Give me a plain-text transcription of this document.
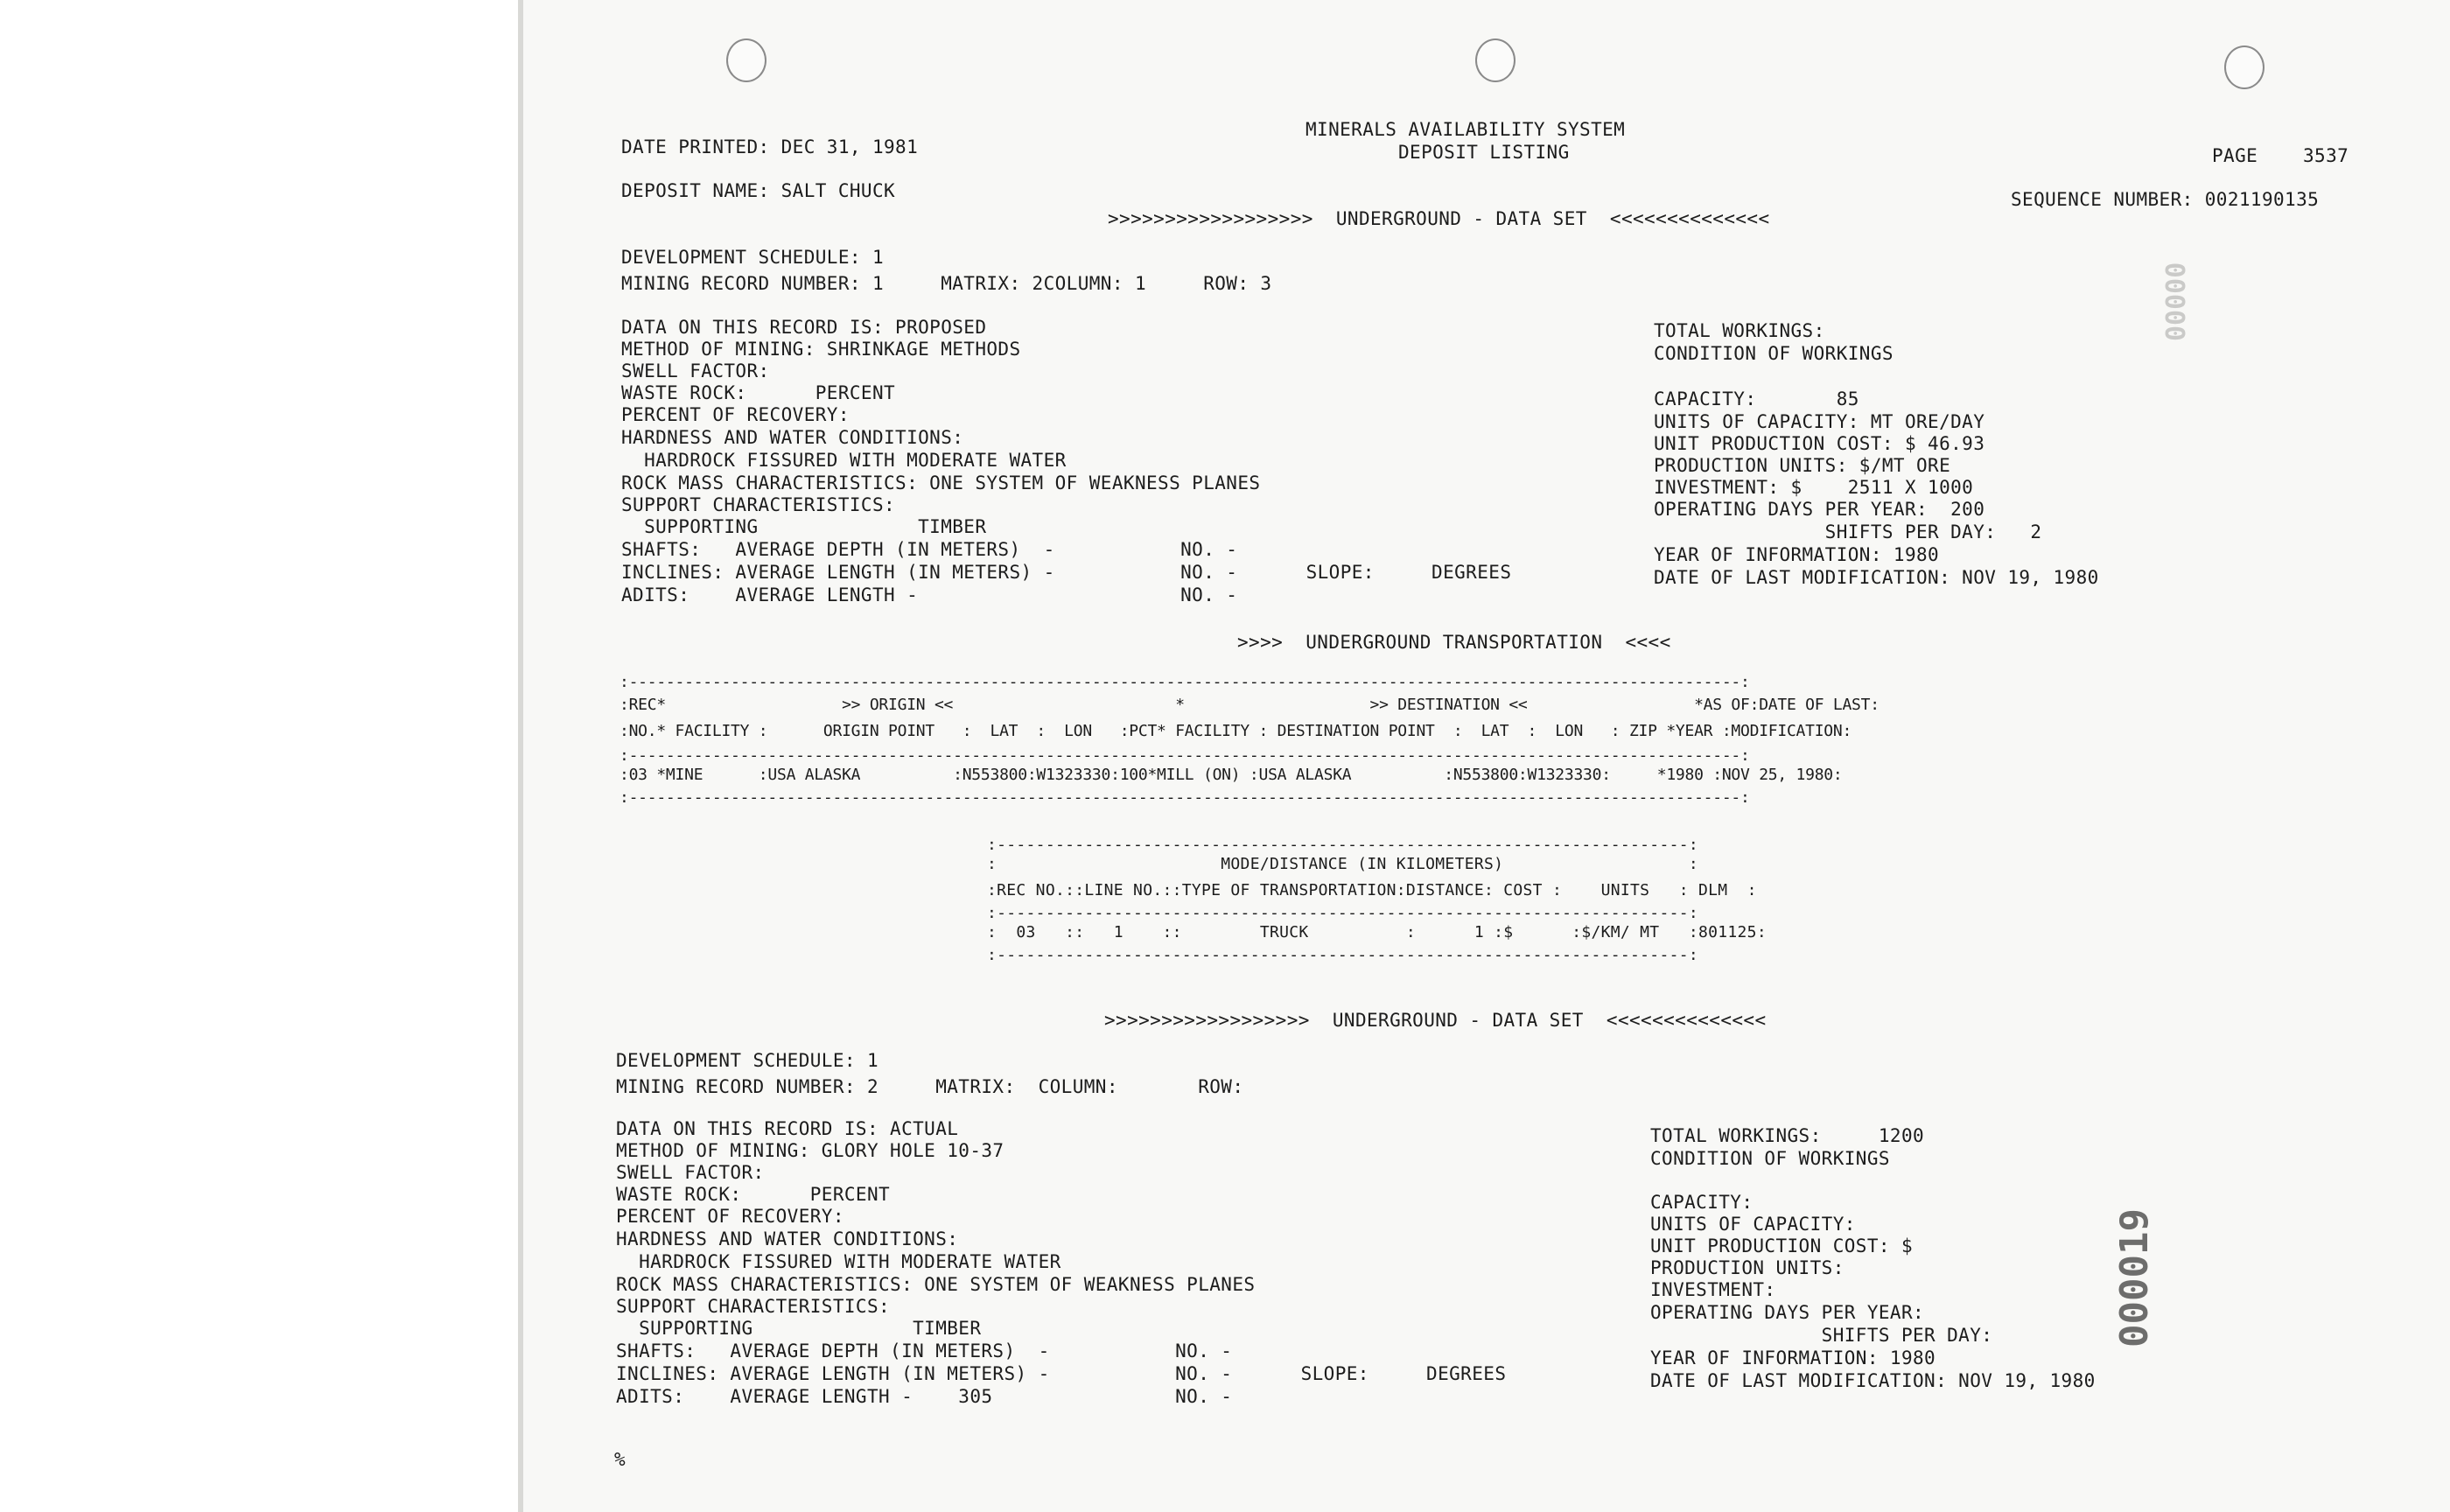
MINERALS AVAILABILITY SYSTEM
DATE PRINTED: DEC 31, 1981	DEPOSIT LISTING	PAGE 3537
DEPOSIT NAME: SALT CHUCK	SEQUENCE NUMBER: 0021190135
>>>>>>>>>>>>>>>>>>  UNDERGROUND - DATA SET  <<<<<<<<<<<<<<
DEVELOPMENT SCHEDULE: 1
MINING RECORD NUMBER: 1     MATRIX: 2COLUMN: 1     ROW: 3
DATA ON THIS RECORD IS: PROPOSED
METHOD OF MINING: SHRINKAGE METHODS
SWELL FACTOR:
WASTE ROCK:      PERCENT
PERCENT OF RECOVERY:
HARDNESS AND WATER CONDITIONS:
HARDROCK FISSURED WITH MODERATE WATER
ROCK MASS CHARACTERISTICS: ONE SYSTEM OF WEAKNESS PLANES
SUPPORT CHARACTERISTICS:
SUPPORTING              TIMBER
SHAFTS:   AVERAGE DEPTH (IN METERS)  -           NO. -
INCLINES: AVERAGE LENGTH (IN METERS) -           NO. -      SLOPE:     DEGREES
ADITS:    AVERAGE LENGTH -                       NO. -
TOTAL WORKINGS:
CONDITION OF WORKINGS
CAPACITY:       85
UNITS OF CAPACITY: MT ORE/DAY
UNIT PRODUCTION COST: $ 46.93
PRODUCTION UNITS: $/MT ORE
INVESTMENT: $    2511 X 1000
OPERATING DAYS PER YEAR:  200
SHIFTS PER DAY:   2
YEAR OF INFORMATION: 1980
DATE OF LAST MODIFICATION: NOV 19, 1980
>>>>  UNDERGROUND TRANSPORTATION  <<<<
:------------------------------------------------------------------------------------------------------------------------:
:REC*                   >> ORIGIN <<                        *                    >> DESTINATION <<                  *AS OF:DATE OF LAST:
:NO.* FACILITY :      ORIGIN POINT   :  LAT  :  LON   :PCT* FACILITY : DESTINATION POINT  :  LAT  :  LON   : ZIP *YEAR :MODIFICATION:
:------------------------------------------------------------------------------------------------------------------------:
:03 *MINE      :USA ALASKA          :N553800:W1323330:100*MILL (ON) :USA ALASKA          :N553800:W1323330:     *1980 :NOV 25, 1980:
:------------------------------------------------------------------------------------------------------------------------:
:-----------------------------------------------------------------------:
:                       MODE/DISTANCE (IN KILOMETERS)                   :
:REC NO.::LINE NO.::TYPE OF TRANSPORTATION:DISTANCE: COST :    UNITS   : DLM  :
:-----------------------------------------------------------------------:
:  03   ::   1    ::        TRUCK          :      1 :$      :$/KM/ MT   :801125:
:-----------------------------------------------------------------------:
>>>>>>>>>>>>>>>>>>  UNDERGROUND - DATA SET  <<<<<<<<<<<<<<
DEVELOPMENT SCHEDULE: 1
MINING RECORD NUMBER: 2     MATRIX:  COLUMN:       ROW:
DATA ON THIS RECORD IS: ACTUAL
METHOD OF MINING: GLORY HOLE 10-37
SWELL FACTOR:
WASTE ROCK:      PERCENT
PERCENT OF RECOVERY:
HARDNESS AND WATER CONDITIONS:
HARDROCK FISSURED WITH MODERATE WATER
ROCK MASS CHARACTERISTICS: ONE SYSTEM OF WEAKNESS PLANES
SUPPORT CHARACTERISTICS:
SUPPORTING              TIMBER
SHAFTS:   AVERAGE DEPTH (IN METERS)  -           NO. -
INCLINES: AVERAGE LENGTH (IN METERS) -           NO. -      SLOPE:     DEGREES
ADITS:    AVERAGE LENGTH -    305                NO. -
TOTAL WORKINGS:     1200
CONDITION OF WORKINGS
CAPACITY:
UNITS OF CAPACITY:
UNIT PRODUCTION COST: $
PRODUCTION UNITS:
INVESTMENT:
OPERATING DAYS PER YEAR:
SHIFTS PER DAY:
YEAR OF INFORMATION: 1980
DATE OF LAST MODIFICATION: NOV 19, 1980
%
00000
000019
